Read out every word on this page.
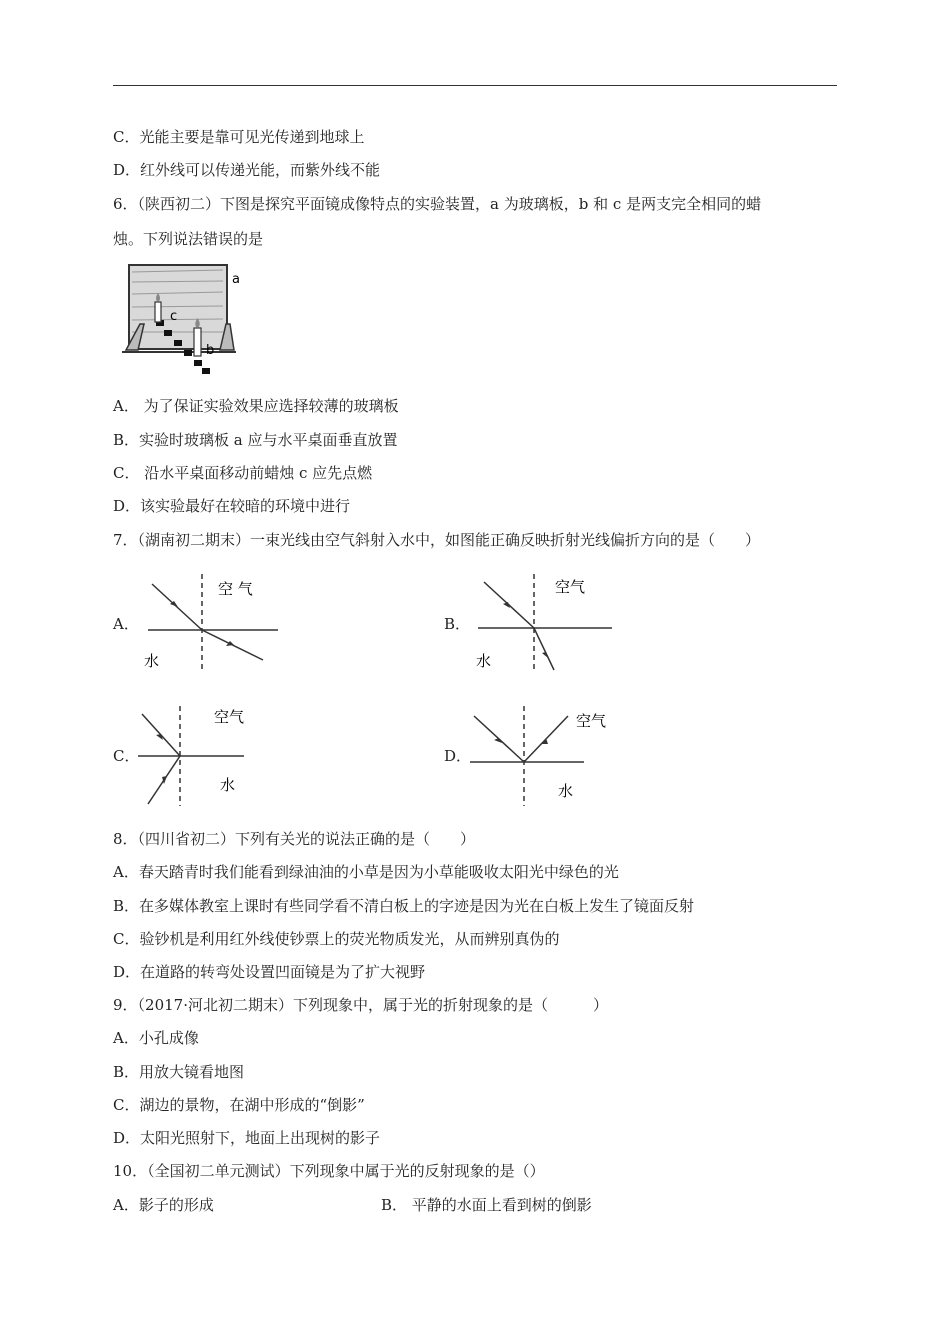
C．光能主要是靠可见光传递到地球上
D．红外线可以传递光能，而紫外线不能
6．（陕西初二）下图是探究平面镜成像特点的实验装置，a 为玻璃板，b 和 c 是两支完全相同的蜡
烛。下列说法错误的是
a
c
b
A． 为了保证实验效果应选择较薄的玻璃板
B．实验时玻璃板 a 应与水平桌面垂直放置
C． 沿水平桌面移动前蜡烛 c 应先点燃
D．该实验最好在较暗的环境中进行
7．（湖南初二期末）一束光线由空气斜射入水中，如图能正确反映折射光线偏折方向的是（　　）
A．
空 气
水
B．
空气
水
C．
空气
水
D．
空气
水
8．（四川省初二）下列有关光的说法正确的是（　　）
A．春天踏青时我们能看到绿油油的小草是因为小草能吸收太阳光中绿色的光
B．在多媒体教室上课时有些同学看不清白板上的字迹是因为光在白板上发生了镜面反射
C．验钞机是利用红外线使钞票上的荧光物质发光，从而辨别真伪的
D．在道路的转弯处设置凹面镜是为了扩大视野
9．（2017·河北初二期末）下列现象中，属于光的折射现象的是（　　　）
A．小孔成像
B．用放大镜看地图
C．湖边的景物，在湖中形成的“倒影”
D．太阳光照射下，地面上出现树的影子
10．（全国初二单元测试）下列现象中属于光的反射现象的是（）
A．影子的形成	B． 平静的水面上看到树的倒影
